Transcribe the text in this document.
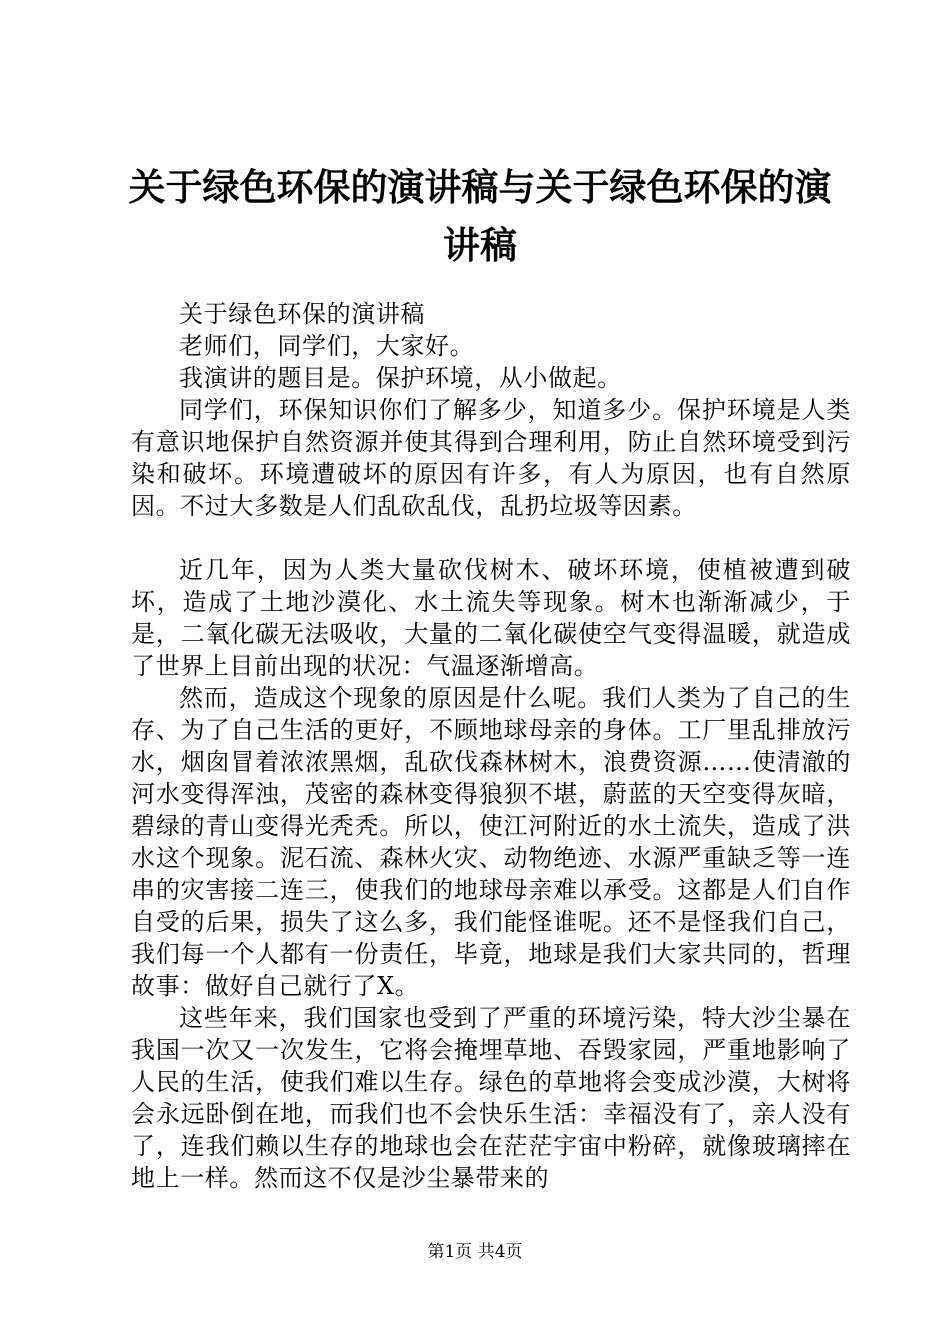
关于绿色环保的演讲稿与关于绿色环保的演讲稿

关于绿色环保的演讲稿

老师们，同学们，大家好。

我演讲的题目是。保护环境，从小做起。

同学们，环保知识你们了解多少，知道多少。保护环境是人类有意识地保护自然资源并使其得到合理利用，防止自然环境受到污染和破坏。环境遭破坏的原因有许多，有人为原因，也有自然原因。不过大多数是人们乱砍乱伐，乱扔垃圾等因素。

近几年，因为人类大量砍伐树木、破坏环境，使植被遭到破坏，造成了土地沙漠化、水土流失等现象。树木也渐渐减少，于是，二氧化碳无法吸收，大量的二氧化碳使空气变得温暖，就造成了世界上目前出现的状况：气温逐渐增高。

然而，造成这个现象的原因是什么呢。我们人类为了自己的生存、为了自己生活的更好，不顾地球母亲的身体。工厂里乱排放污水，烟囱冒着浓浓黑烟，乱砍伐森林树木，浪费资源……使清澈的河水变得浑浊，茂密的森林变得狼狈不堪，蔚蓝的天空变得灰暗，碧绿的青山变得光秃秃。所以，使江河附近的水土流失，造成了洪水这个现象。泥石流、森林火灾、动物绝迹、水源严重缺乏等一连串的灾害接二连三，使我们的地球母亲难以承受。这都是人们自作自受的后果，损失了这么多，我们能怪谁呢。还不是怪我们自己，我们每一个人都有一份责任，毕竟，地球是我们大家共同的，哲理故事：做好自己就行了X。

这些年来，我们国家也受到了严重的环境污染，特大沙尘暴在我国一次又一次发生，它将会掩埋草地、吞毁家园，严重地影响了人民的生活，使我们难以生存。绿色的草地将会变成沙漠，大树将会永远卧倒在地，而我们也不会快乐生活：幸福没有了，亲人没有了，连我们赖以生存的地球也会在茫茫宇宙中粉碎，就像玻璃摔在地上一样。然而这不仅是沙尘暴带来的

第1页 共4页
